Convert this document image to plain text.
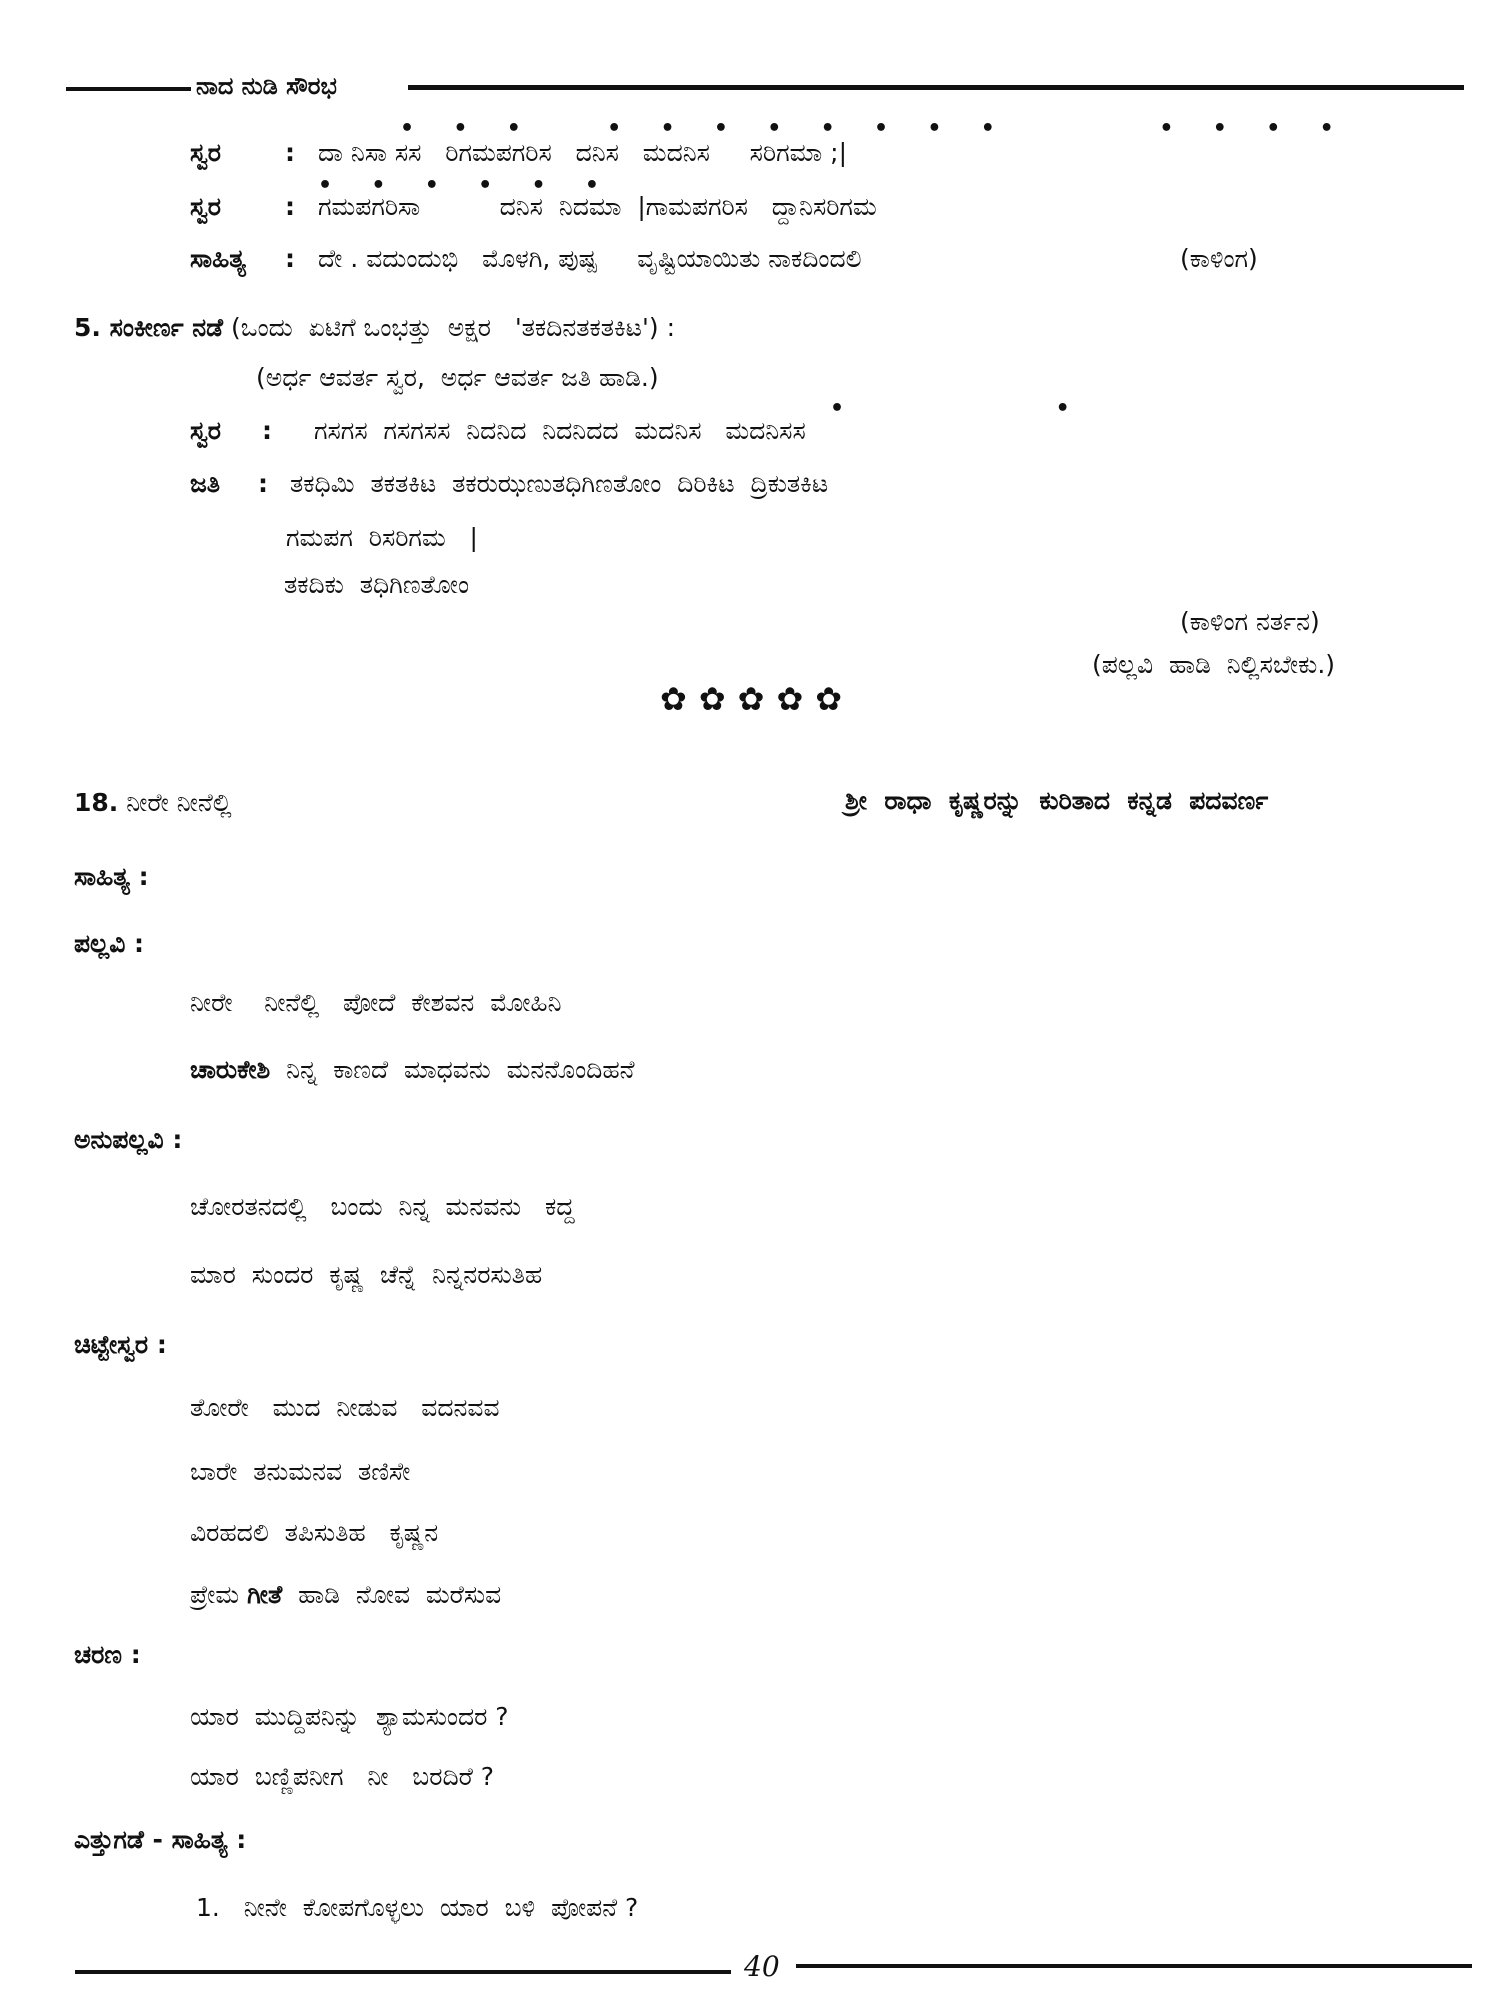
ನಾದ ನುಡಿ ಸೌರಭ
•  •  •     •  •  •  •  •  •  •  •          •  •  •  •
ಸ್ವರ	: ದಾ ನಿಸಾ ಸಸ   ರಿಗಮಪಗರಿಸ   ದನಿಸ   ಮದನಿಸ     ಸರಿಗಮಾ ;|
•  •  •  •  •  •
ಸ್ವರ	: ಗಮಪಗರಿಸಾ          ದನಿಸ  ನಿದಮಾ  |ಗಾಮಪಗರಿಸ   ದ್ದಾನಿಸರಿಗಮ
ಸಾಹಿತ್ಯ : ದೇ . ವದುಂದುಭಿ   ಮೊಳಗಿ, ಪುಷ್ಪ     ವೃಷ್ಟಿಯಾಯಿತು ನಾಕದಿಂದಲಿ	(ಕಾಳಿಂಗ)
5. ಸಂಕೀರ್ಣ ನಡೆ (ಒಂದು  ಏಟಿಗೆ ಒಂಭತ್ತು  ಅಕ್ಷರ   'ತಕದಿನತಕತಕಿಟ') :
(ಅರ್ಧ ಆವರ್ತ ಸ್ವರ,  ಅರ್ಧ ಆವರ್ತ ಜತಿ ಹಾಡಿ.)
•             •
ಸ್ವರ : ಗಸಗಸ  ಗಸಗಸಸ  ನಿದನಿದ  ನಿದನಿದದ  ಮದನಿಸ   ಮದನಿಸಸ
ಜತಿ : ತಕಧಿಮಿ  ತಕತಕಿಟ  ತಕರುಝಣುತಧಿಗಿಣತೋಂ  ದಿರಿಕಿಟ  ದ್ರಿಕುತಕಿಟ
ಗಮಪಗ  ರಿಸರಿಗಮ   |
ತಕದಿಕು  ತಧಿಗಿಣತೋಂ
(ಕಾಳಿಂಗ ನರ್ತನ)
(ಪಲ್ಲವಿ  ಹಾಡಿ  ನಿಲ್ಲಿಸಬೇಕು.)
✿ ✿ ✿ ✿ ✿
18. ನೀರೇ ನೀನೆಲ್ಲಿ	ಶ್ರೀ  ರಾಧಾ  ಕೃಷ್ಣರನ್ನು  ಕುರಿತಾದ  ಕನ್ನಡ  ಪದವರ್ಣ
ಸಾಹಿತ್ಯ :
ಪಲ್ಲವಿ :
ನೀರೇ    ನೀನೆಲ್ಲಿ   ಪೋದೆ  ಕೇಶವನ  ಮೋಹಿನಿ
ಚಾರುಕೇಶಿ  ನಿನ್ನ  ಕಾಣದೆ  ಮಾಧವನು  ಮನನೊಂದಿಹನೆ
ಅನುಪಲ್ಲವಿ :
ಚೋರತನದಲ್ಲಿ   ಬಂದು  ನಿನ್ನ  ಮನವನು   ಕದ್ದ
ಮಾರ  ಸುಂದರ  ಕೃಷ್ಣ  ಚೆನ್ನೆ  ನಿನ್ನನರಸುತಿಹ
ಚಿಟ್ಟೇಸ್ವರ :
ತೋರೇ   ಮುದ  ನೀಡುವ   ವದನವವ
ಬಾರೇ  ತನುಮನವ  ತಣಿಸೇ
ವಿರಹದಲಿ  ತಪಿಸುತಿಹ   ಕೃಷ್ಣನ
ಪ್ರೇಮ ಗೀತೆ  ಹಾಡಿ  ನೋವ  ಮರೆಸುವ
ಚರಣ :
ಯಾರ  ಮುದ್ದಿಪನಿನ್ನು  ಶ್ಯಾಮಸುಂದರ ?
ಯಾರ  ಬಣ್ಣಿಪನೀಗ   ನೀ   ಬರದಿರೆ ?
ಎತ್ತುಗಡೆ - ಸಾಹಿತ್ಯ :
1.   ನೀನೇ  ಕೋಪಗೊಳ್ಳಲು  ಯಾರ  ಬಳಿ  ಪೋಪನೆ ?
40
